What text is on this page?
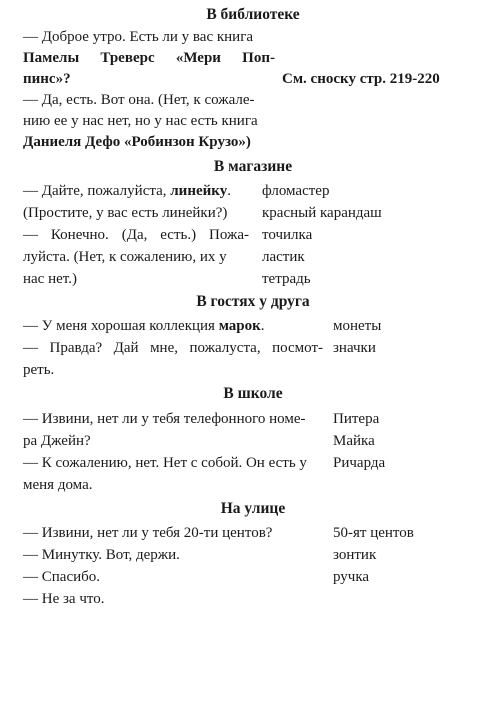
В библиотеке
— Доброе утро. Есть ли у вас книга
Памелы Треверс «Мери Поп-
пинс»?	См. сноску стр. 219-220
— Да, есть. Вот она. (Нет, к сожале-
нию ее у нас нет, но у нас есть книга
Даниеля Дефо «Робинзон Крузо»)
В магазине
— Дайте, пожалуйста, линейку.
(Простите, у вас есть линейки?)
— Конечно. (Да, есть.) Пожа-
луйста. (Нет, к сожалению, их у
нас нет.)
фломастер
красный карандаш
точилка
ластик
тетрадь
В гостях у друга
— У меня хорошая коллекция марок.
— Правда? Дай мне, пожалуста, посмот-
реть.
монеты
значки
В школе
— Извини, нет ли у тебя телефонного номе-
ра Джейн?
— К сожалению, нет. Нет с собой. Он есть у
меня дома.
Питера
Майка
Ричарда
На улице
— Извини, нет ли у тебя 20-ти центов?
— Минутку. Вот, держи.
— Спасибо.
— Не за что.
50-ят центов
зонтик
ручка
